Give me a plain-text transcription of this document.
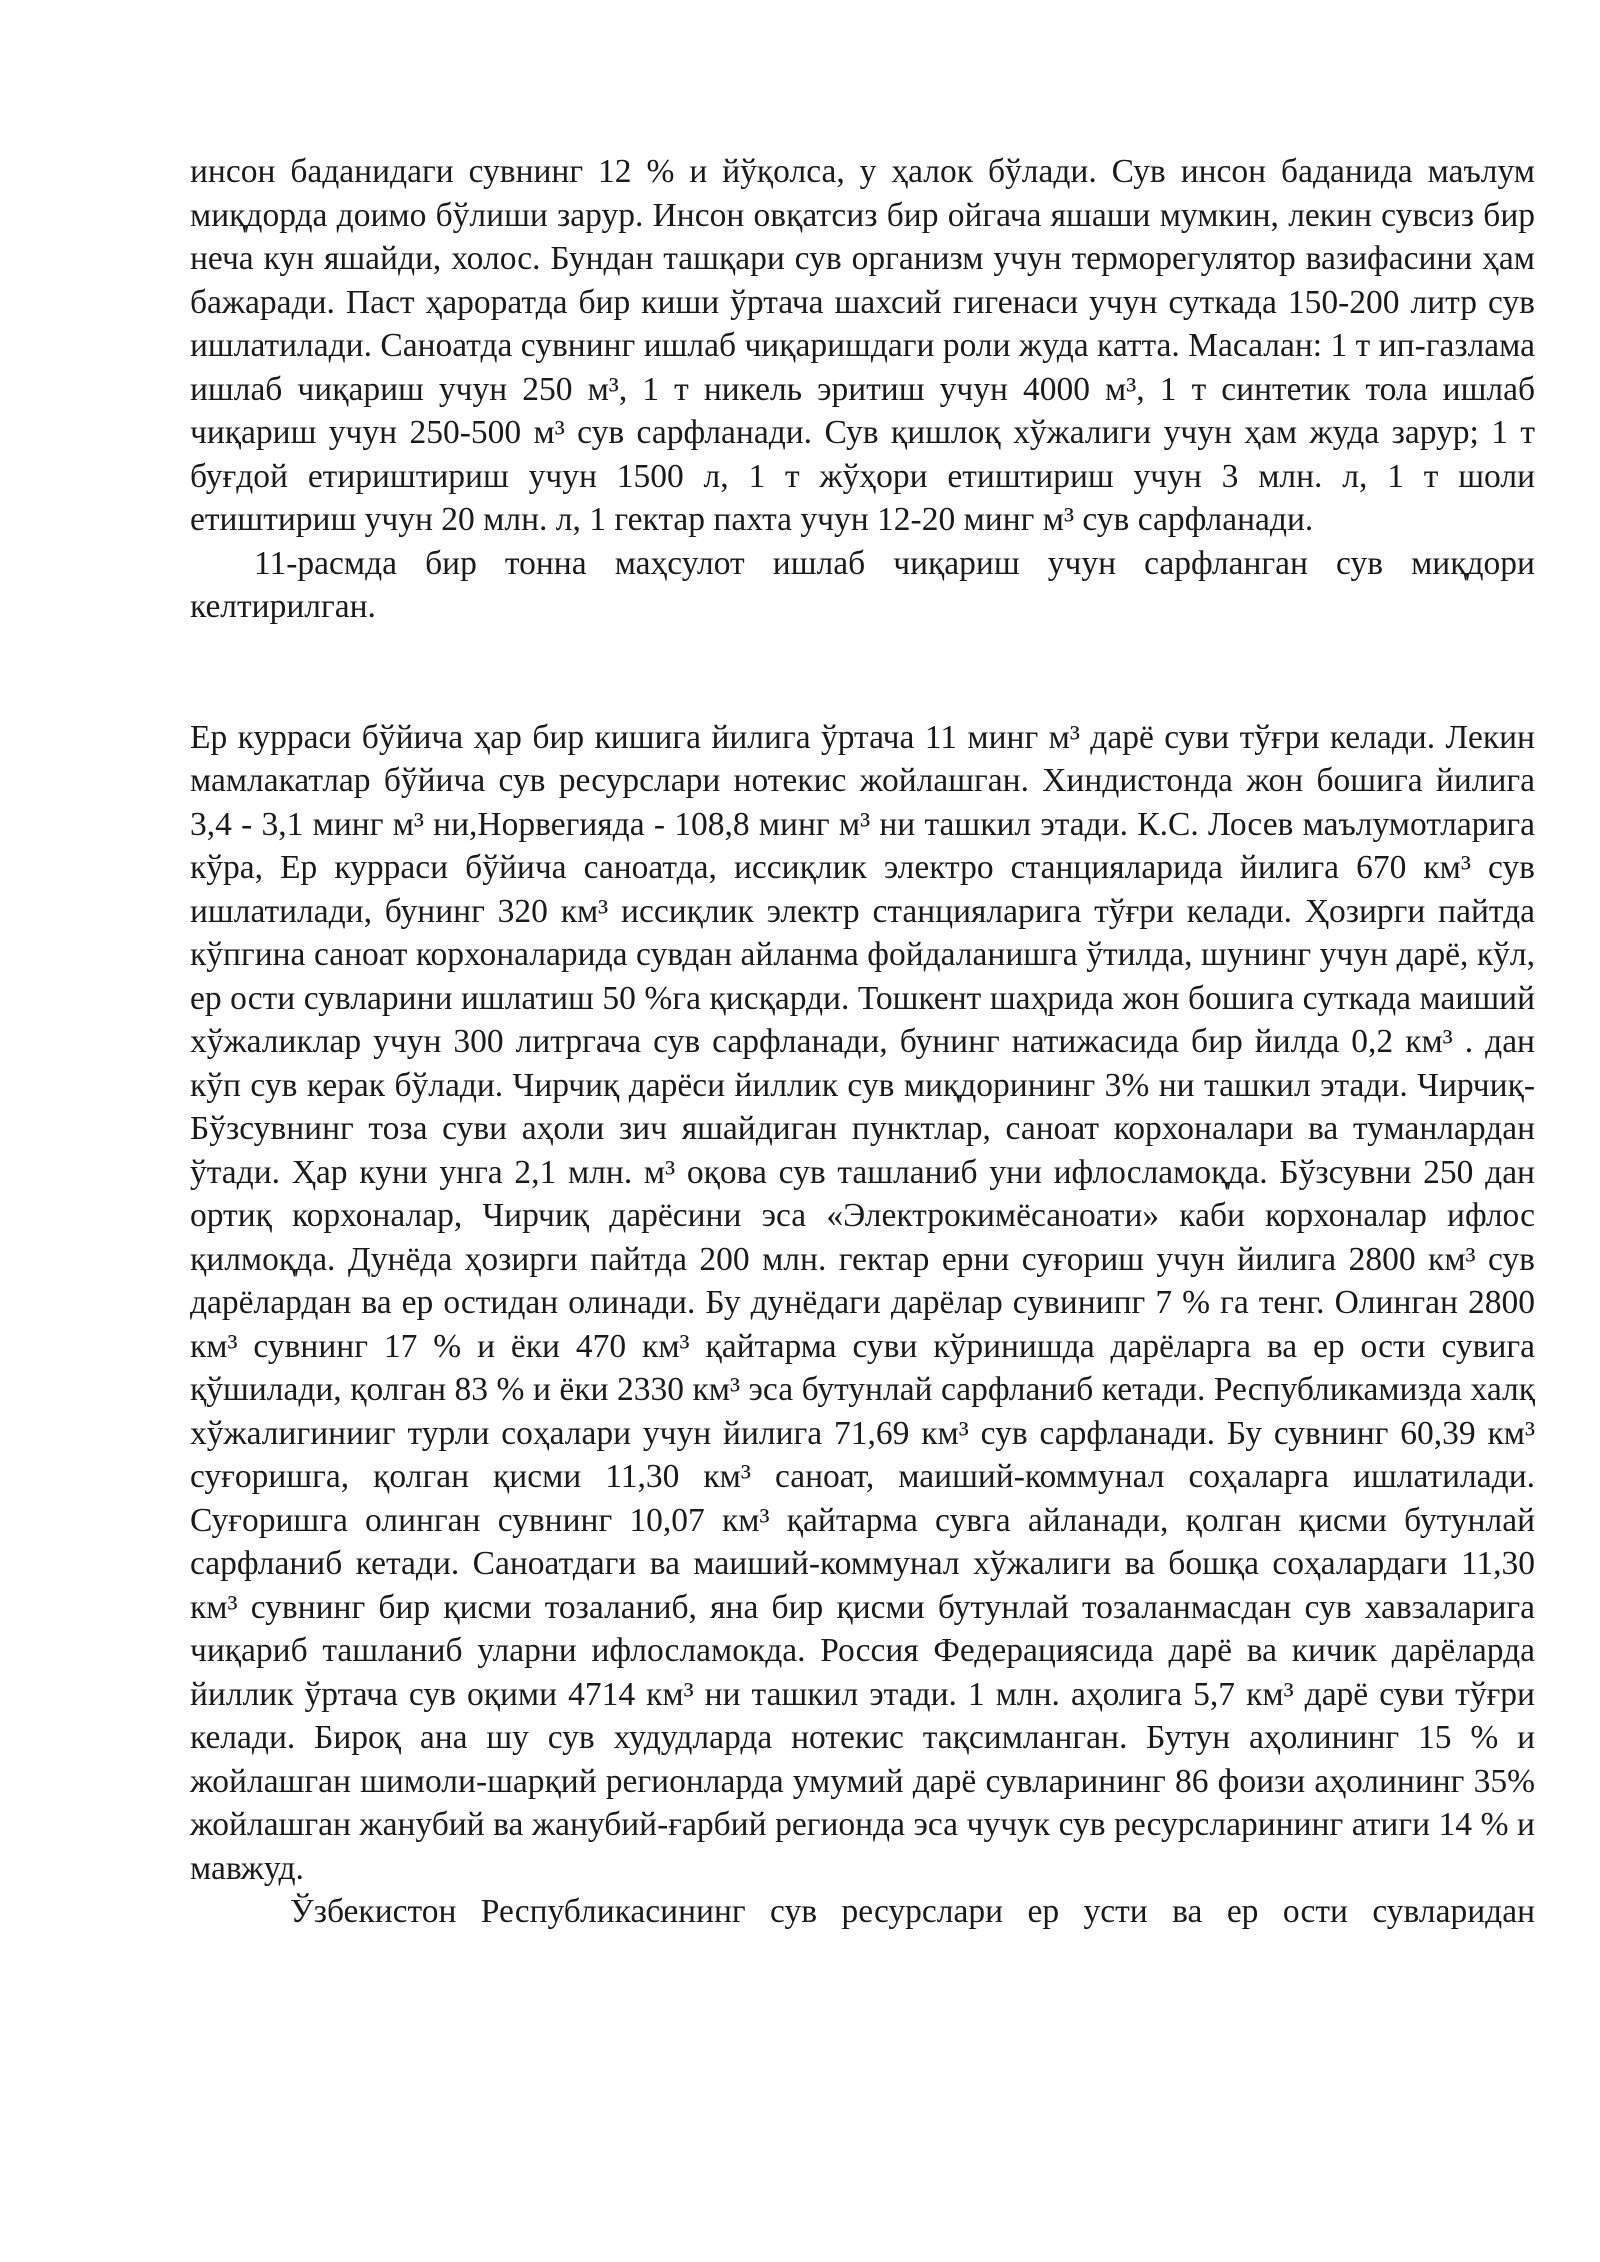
инсон баданидаги сувнинг 12 % и йўқолса, у ҳалок бўлади. Сув инсон баданида маълум миқдорда доимо бўлиши зарур. Инсон овқатсиз бир ойгача яшаши мумкин, лекин сувсиз бир неча кун яшайди, холос. Бундан ташқари сув организм учун терморегулятор вазифасини ҳам бажаради. Паст ҳароратда бир киши ўртача шахсий гигенаси учун суткада 150-200 литр сув ишлатилади. Саноатда сувнинг ишлаб чиқаришдаги роли жуда катта. Масалан: 1 т ип-газлама ишлаб чиқариш учун 250 м³, 1 т никель эритиш учун 4000 м³, 1 т синтетик тола ишлаб чиқариш учун 250-500 м³ сув сарфланади. Сув қишлоқ хўжалиги учун ҳам жуда зарур; 1 т буғдой етириштириш учун 1500 л, 1 т жўҳори етиштириш учун 3 млн. л, 1 т шоли етиштириш учун 20 млн. л, 1 гектар пахта учун 12-20 минг м³ сув сарфланади.

11-расмда бир тонна маҳсулот ишлаб чиқариш учун сарфланган сув миқдори келтирилган.

Ер курраси бўйича ҳар бир кишига йилига ўртача 11 минг м³ дарё суви тўғри келади. Лекин мамлакатлар бўйича сув ресурслари нотекис жойлашган. Хиндистонда жон бошига йилига 3,4 - 3,1 минг м³ ни,Норвегияда - 108,8 минг м³ ни ташкил этади. К.С. Лосев маълумотларига кўра, Ер курраси бўйича саноатда, иссиқлик электро станцияларида йилига 670 км³ сув ишлатилади, бунинг 320 км³ иссиқлик электр станцияларига тўғри келади. Ҳозирги пайтда кўпгина саноат корхоналарида сувдан айланма фойдаланишга ўтилда, шунинг учун дарё, кўл, ер ости сувларини ишлатиш 50 %га қисқарди. Тошкент шаҳрида жон бошига суткада маиший хўжаликлар учун 300 литргача сув сарфланади, бунинг натижасида бир йилда 0,2 км³ . дан кўп сув керак бўлади. Чирчиқ дарёси йиллик сув миқдорининг 3% ни ташкил этади. Чирчиқ-Бўзсувнинг тоза суви аҳоли зич яшайдиган пунктлар, саноат корхоналари ва туманлардан ўтади. Ҳар куни унга 2,1 млн. м³ оқова сув ташланиб уни ифлосламоқда. Бўзсувни 250 дан ортиқ корхоналар, Чирчиқ дарёсини эса «Электрокимёсаноати» каби корхоналар ифлос қилмоқда. Дунёда ҳозирги пайтда 200 млн. гектар ерни суғориш учун йилига 2800 км³ сув дарёлардан ва ер остидан олинади. Бу дунёдаги дарёлар сувинипг 7 % га тенг. Олинган 2800 км³ сувнинг 17 % и ёки 470 км³ қайтарма суви кўринишда дарёларга ва ер ости сувига қўшилади, қолган 83 % и ёки 2330 км³ эса бутунлай сарфланиб кетади. Республикамизда халқ хўжалигинииг турли соҳалари учун йилига 71,69 км³ сув сарфланади. Бу сувнинг 60,39 км³ суғоришга, қолган қисми 11,30 км³ саноат, маиший-коммунал соҳаларга ишлатилади. Суғоришга олинган сувнинг 10,07 км³ қайтарма сувга айланади, қолган қисми бутунлай сарфланиб кетади. Саноатдаги ва маиший-коммунал хўжалиги ва бошқа соҳалардаги 11,30 км³ сувнинг бир қисми тозаланиб, яна бир қисми бутунлай тозаланмасдан сув хавзаларига чиқариб ташланиб уларни ифлосламокда. Россия Федерациясида дарё ва кичик дарёларда йиллик ўртача сув оқими 4714 км³ ни ташкил этади. 1 млн. аҳолига 5,7 км³ дарё суви тўғри келади. Бироқ ана шу сув худудларда нотекис тақсимланган. Бутун аҳолининг 15 % и жойлашган шимоли-шарқий регионларда умумий дарё сувларининг 86 фоизи аҳолининг 35% жойлашган жанубий ва жанубий-ғарбий регионда эса чучук сув ресурсларининг атиги 14 % и мавжуд.

Ўзбекистон Республикасининг сув ресурслари ер усти ва ер ости сувларидан
